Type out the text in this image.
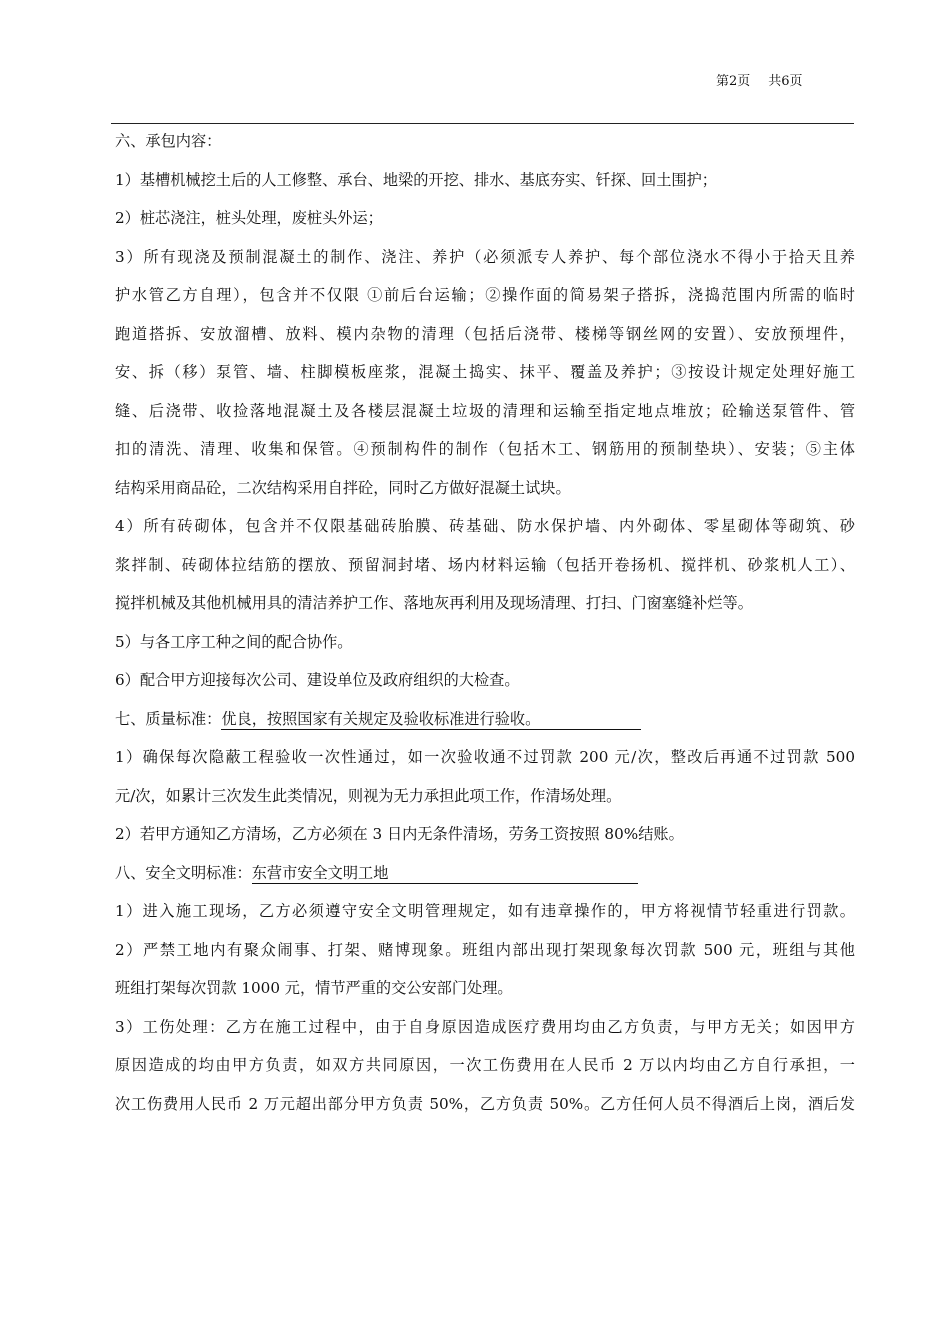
第2页 共6页
六、承包内容：
1）基槽机械挖土后的人工修整、承台、地梁的开挖、排水、基底夯实、钎探、回土围护；
2）桩芯浇注，桩头处理，废桩头外运；
3）所有现浇及预制混凝土的制作、浇注、养护（必须派专人养护、每个部位浇水不得小于拾天且养
护水管乙方自理），包含并不仅限 ①前后台运输；②操作面的简易架子搭拆，浇捣范围内所需的临时
跑道搭拆、安放溜槽、放料、模内杂物的清理（包括后浇带、楼梯等钢丝网的安置）、安放预埋件，
安、拆（移）泵管、墙、柱脚模板座浆，混凝土捣实、抹平、覆盖及养护；③按设计规定处理好施工
缝、后浇带、收捡落地混凝土及各楼层混凝土垃圾的清理和运输至指定地点堆放；砼输送泵管件、管
扣的清洗、清理、收集和保管。④预制构件的制作（包括木工、钢筋用的预制垫块）、安装；⑤主体
结构采用商品砼，二次结构采用自拌砼，同时乙方做好混凝土试块。
4）所有砖砌体，包含并不仅限基础砖胎膜、砖基础、防水保护墙、内外砌体、零星砌体等砌筑、砂
浆拌制、砖砌体拉结筋的摆放、预留洞封堵、场内材料运输（包括开卷扬机、搅拌机、砂浆机人工）、
搅拌机械及其他机械用具的清洁养护工作、落地灰再利用及现场清理、打扫、门窗塞缝补烂等。
5）与各工序工种之间的配合协作。
6）配合甲方迎接每次公司、建设单位及政府组织的大检查。
七、质量标准：优良，按照国家有关规定及验收标准进行验收。
1）确保每次隐蔽工程验收一次性通过，如一次验收通不过罚款 200 元/次，整改后再通不过罚款 500
元/次，如累计三次发生此类情况，则视为无力承担此项工作，作清场处理。
2）若甲方通知乙方清场，乙方必须在 3 日内无条件清场，劳务工资按照 80%结账。
八、安全文明标准：东营市安全文明工地
1）进入施工现场，乙方必须遵守安全文明管理规定，如有违章操作的，甲方将视情节轻重进行罚款。
2）严禁工地内有聚众闹事、打架、赌博现象。班组内部出现打架现象每次罚款 500 元，班组与其他
班组打架每次罚款 1000 元，情节严重的交公安部门处理。
3）工伤处理：乙方在施工过程中，由于自身原因造成医疗费用均由乙方负责，与甲方无关；如因甲方
原因造成的均由甲方负责，如双方共同原因，一次工伤费用在人民币 2 万以内均由乙方自行承担，一
次工伤费用人民币 2 万元超出部分甲方负责 50%，乙方负责 50%。乙方任何人员不得酒后上岗，酒后发
